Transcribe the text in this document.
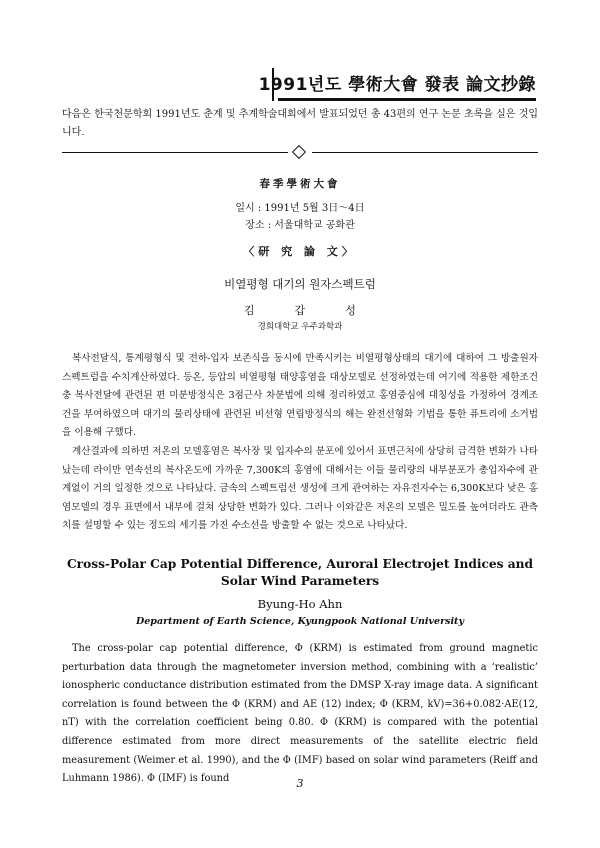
1991년도 學術大會 發表 論文抄錄
다음은 한국천문학회 1991년도 춘계 및 추계학술대회에서 발표되었던 총 43편의 연구 논문 초록을 실은 것입니다.
春季學術大會
일시 : 1991년 5월 3日～4日
장소 : 서울대학교 공화관
〈研 究 論 文〉
비열평형 대기의 원자스펙트럼
김갑성
경희대학교 우주과학과

복사전달식, 통계평형식 및 전하-입자 보존식을 동시에 만족시키는 비열평형상태의 대기에 대하여 그 방출원자 스펙트럼을 수치계산하였다. 등온, 등압의 비열평형 태양홍염을 대상모델로 선정하였는데 여기에 적용한 제한조건충 복사전달에 관련된 편 미분방정식은 3점근사 차분법에 의해 정리하였고 홍염중심에 대칭성을 가정하여 경계조건을 부여하였으며 대기의 물리상태에 관련된 비선형 연립방정식의 해는 완전선형화 기법을 통한 퓨트리에 소거법을 이용해 구했다.

계산결과에 의하면 저온의 모델홍염은 복사장 및 입자수의 분포에 있어서 표면근처에 상당히 급격한 변화가 나타났는데 라이만 연속선의 복사온도에 가까운 7,300K의 홍염에 대해서는 이들 물리량의 내부분포가 총입자수에 관계없이 거의 일정한 것으로 나타났다. 금속의 스펙트럼선 생성에 크게 관여하는 자유전자수는 6,300K보다 낮은 홍염모델의 경우 표면에서 내부에 걸쳐 상당한 변화가 있다. 그러나 이와같은 저온의 모델은 밀도를 높여더라도 관측치를 설명할 수 있는 정도의 세기를 가진 수소선을 방출할 수 없는 것으로 나타났다.

Cross-Polar Cap Potential Difference, Auroral Electrojet Indices and
Solar Wind Parameters
Byung-Ho Ahn
Department of Earth Science, Kyungpook National University

The cross-polar cap potential difference, Φ (KRM) is estimated from ground magnetic perturbation data through the magnetometer inversion method, combining with a ‘realistic’ ionospheric conductance distribution estimated from the DMSP X-ray image data. A significant correlation is found between the Φ (KRM) and AE (12) index; Φ (KRM, kV)=36+0.082·AE(12, nT) with the correlation coefficient being 0.80. Φ (KRM) is compared with the potential difference estimated from more direct measurements of the satellite electric field measurement (Weimer et al. 1990), and the Φ (IMF) based on solar wind parameters (Reiff and Luhmann 1986). Φ (IMF) is found	3
